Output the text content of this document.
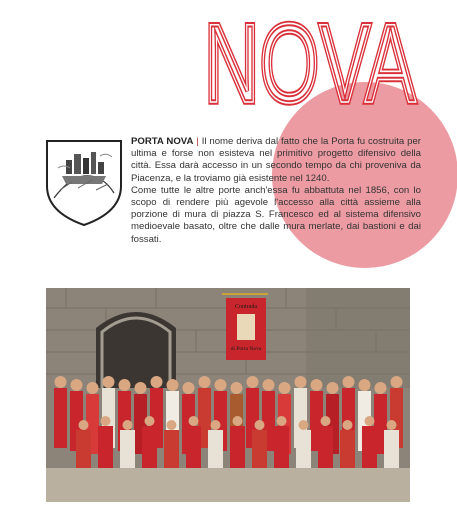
NOVA
NOVA

PORTA NOVA | Il nome deriva dal fatto che la Porta fu costruita per ultima e forse non esisteva nel primitivo progetto difensivo della città. Essa darà accesso in un secondo tempo da chi proveniva da Piacenza, e la troviamo già esistente nel 1240.

Come tutte le altre porte anch'essa fu abbattuta nel 1856, con lo scopo di rendere più agevole l'accesso alla città assieme alla porzione di mura di piazza S. Francesco ed al sistema difensivo medioevale basato, oltre che dalle mura merlate, dai bastioni e dai fossati.

Contrada
di Porta Nova
